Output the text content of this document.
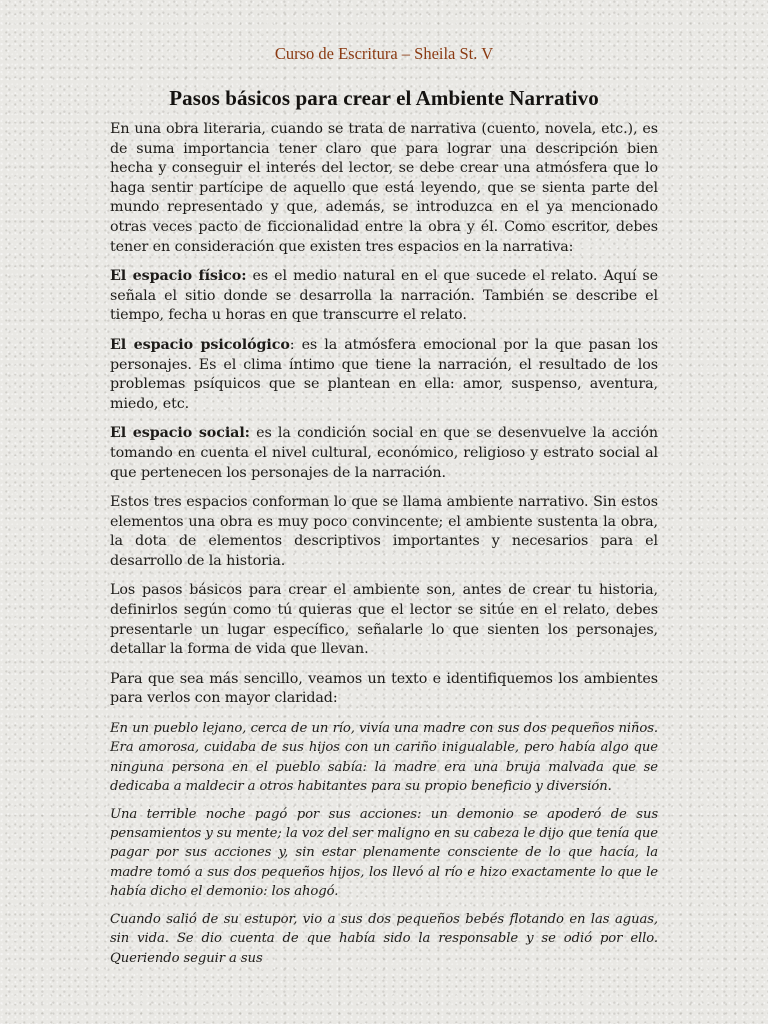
Curso de Escritura – Sheila St. V
Pasos básicos para crear el Ambiente Narrativo

En una obra literaria, cuando se trata de narrativa (cuento, novela, etc.), es de suma importancia tener claro que para lograr una descripción bien hecha y conseguir el interés del lector, se debe crear una atmósfera que lo haga sentir partícipe de aquello que está leyendo, que se sienta parte del mundo representado y que, además, se introduzca en el ya mencionado otras veces pacto de ficcionalidad entre la obra y él. Como escritor, debes tener en consideración que existen tres espacios en la narrativa:

El espacio físico: es el medio natural en el que sucede el relato. Aquí se señala el sitio donde se desarrolla la narración. También se describe el tiempo, fecha u horas en que transcurre el relato.

El espacio psicológico: es la atmósfera emocional por la que pasan los personajes. Es el clima íntimo que tiene la narración, el resultado de los problemas psíquicos que se plantean en ella: amor, suspenso, aventura, miedo, etc.

El espacio social: es la condición social en que se desenvuelve la acción tomando en cuenta el nivel cultural, económico, religioso y estrato social al que pertenecen los personajes de la narración.

Estos tres espacios conforman lo que se llama ambiente narrativo. Sin estos elementos una obra es muy poco convincente; el ambiente sustenta la obra, la dota de elementos descriptivos importantes y necesarios para el desarrollo de la historia.

Los pasos básicos para crear el ambiente son, antes de crear tu historia, definirlos según como tú quieras que el lector se sitúe en el relato, debes presentarle un lugar específico, señalarle lo que sienten los personajes, detallar la forma de vida que llevan.

Para que sea más sencillo, veamos un texto e identifiquemos los ambientes para verlos con mayor claridad:

En un pueblo lejano, cerca de un río, vivía una madre con sus dos pequeños niños. Era amorosa, cuidaba de sus hijos con un cariño inigualable, pero había algo que ninguna persona en el pueblo sabía: la madre era una bruja malvada que se dedicaba a maldecir a otros habitantes para su propio beneficio y diversión.

Una terrible noche pagó por sus acciones: un demonio se apoderó de sus pensamientos y su mente; la voz del ser maligno en su cabeza le dijo que tenía que pagar por sus acciones y, sin estar plenamente consciente de lo que hacía, la madre tomó a sus dos pequeños hijos, los llevó al río e hizo exactamente lo que le había dicho el demonio: los ahogó.

Cuando salió de su estupor, vio a sus dos pequeños bebés flotando en las aguas, sin vida. Se dio cuenta de que había sido la responsable y se odió por ello. Queriendo seguir a sus
